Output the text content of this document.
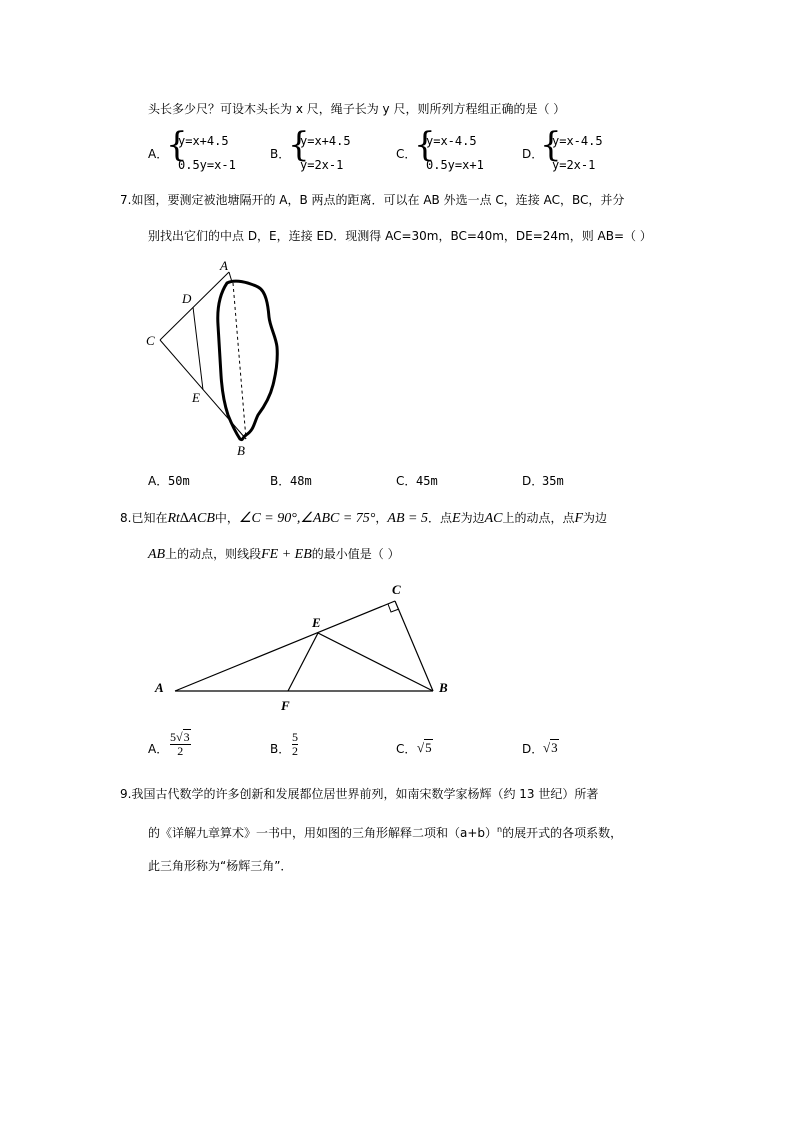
头长多少尺？可设木头长为 x 尺，绳子长为 y 尺，则所列方程组正确的是（ ）
A．
{
y=x+4.5
0.5y=x-1
B．
{
y=x+4.5
y=2x-1
C．
{
y=x-4.5
0.5y=x+1
D．
{
y=x-4.5
y=2x-1
7.如图，要测定被池塘隔开的 A，B 两点的距离．可以在 AB 外选一点 C，连接 AC，BC，并分
别找出它们的中点 D，E，连接 ED．现测得 AC=30m，BC=40m，DE=24m，则 AB=（ ）
A
B
C
D
E
A． 50m	B． 48m	C． 45m	D．
35m
8.已知在Rt∆ACB中，∠C = 90°,∠ABC = 75°，AB = 5．点E为边AC上的动点，点F为边
AB上的动点，则线段FE + EB的最小值是（ ）
A	B
C
E
F
A．
5√3
2	B．
5
2	C． √5	D． √3
9.我国古代数学的许多创新和发展都位居世界前列，如南宋数学家杨辉（约 13 世纪）所著
的《详解九章算术》一书中，用如图的三角形解释二项和$(a+b)^n$的展开式的各项系数，
此三角形称为“杨辉三角”．
